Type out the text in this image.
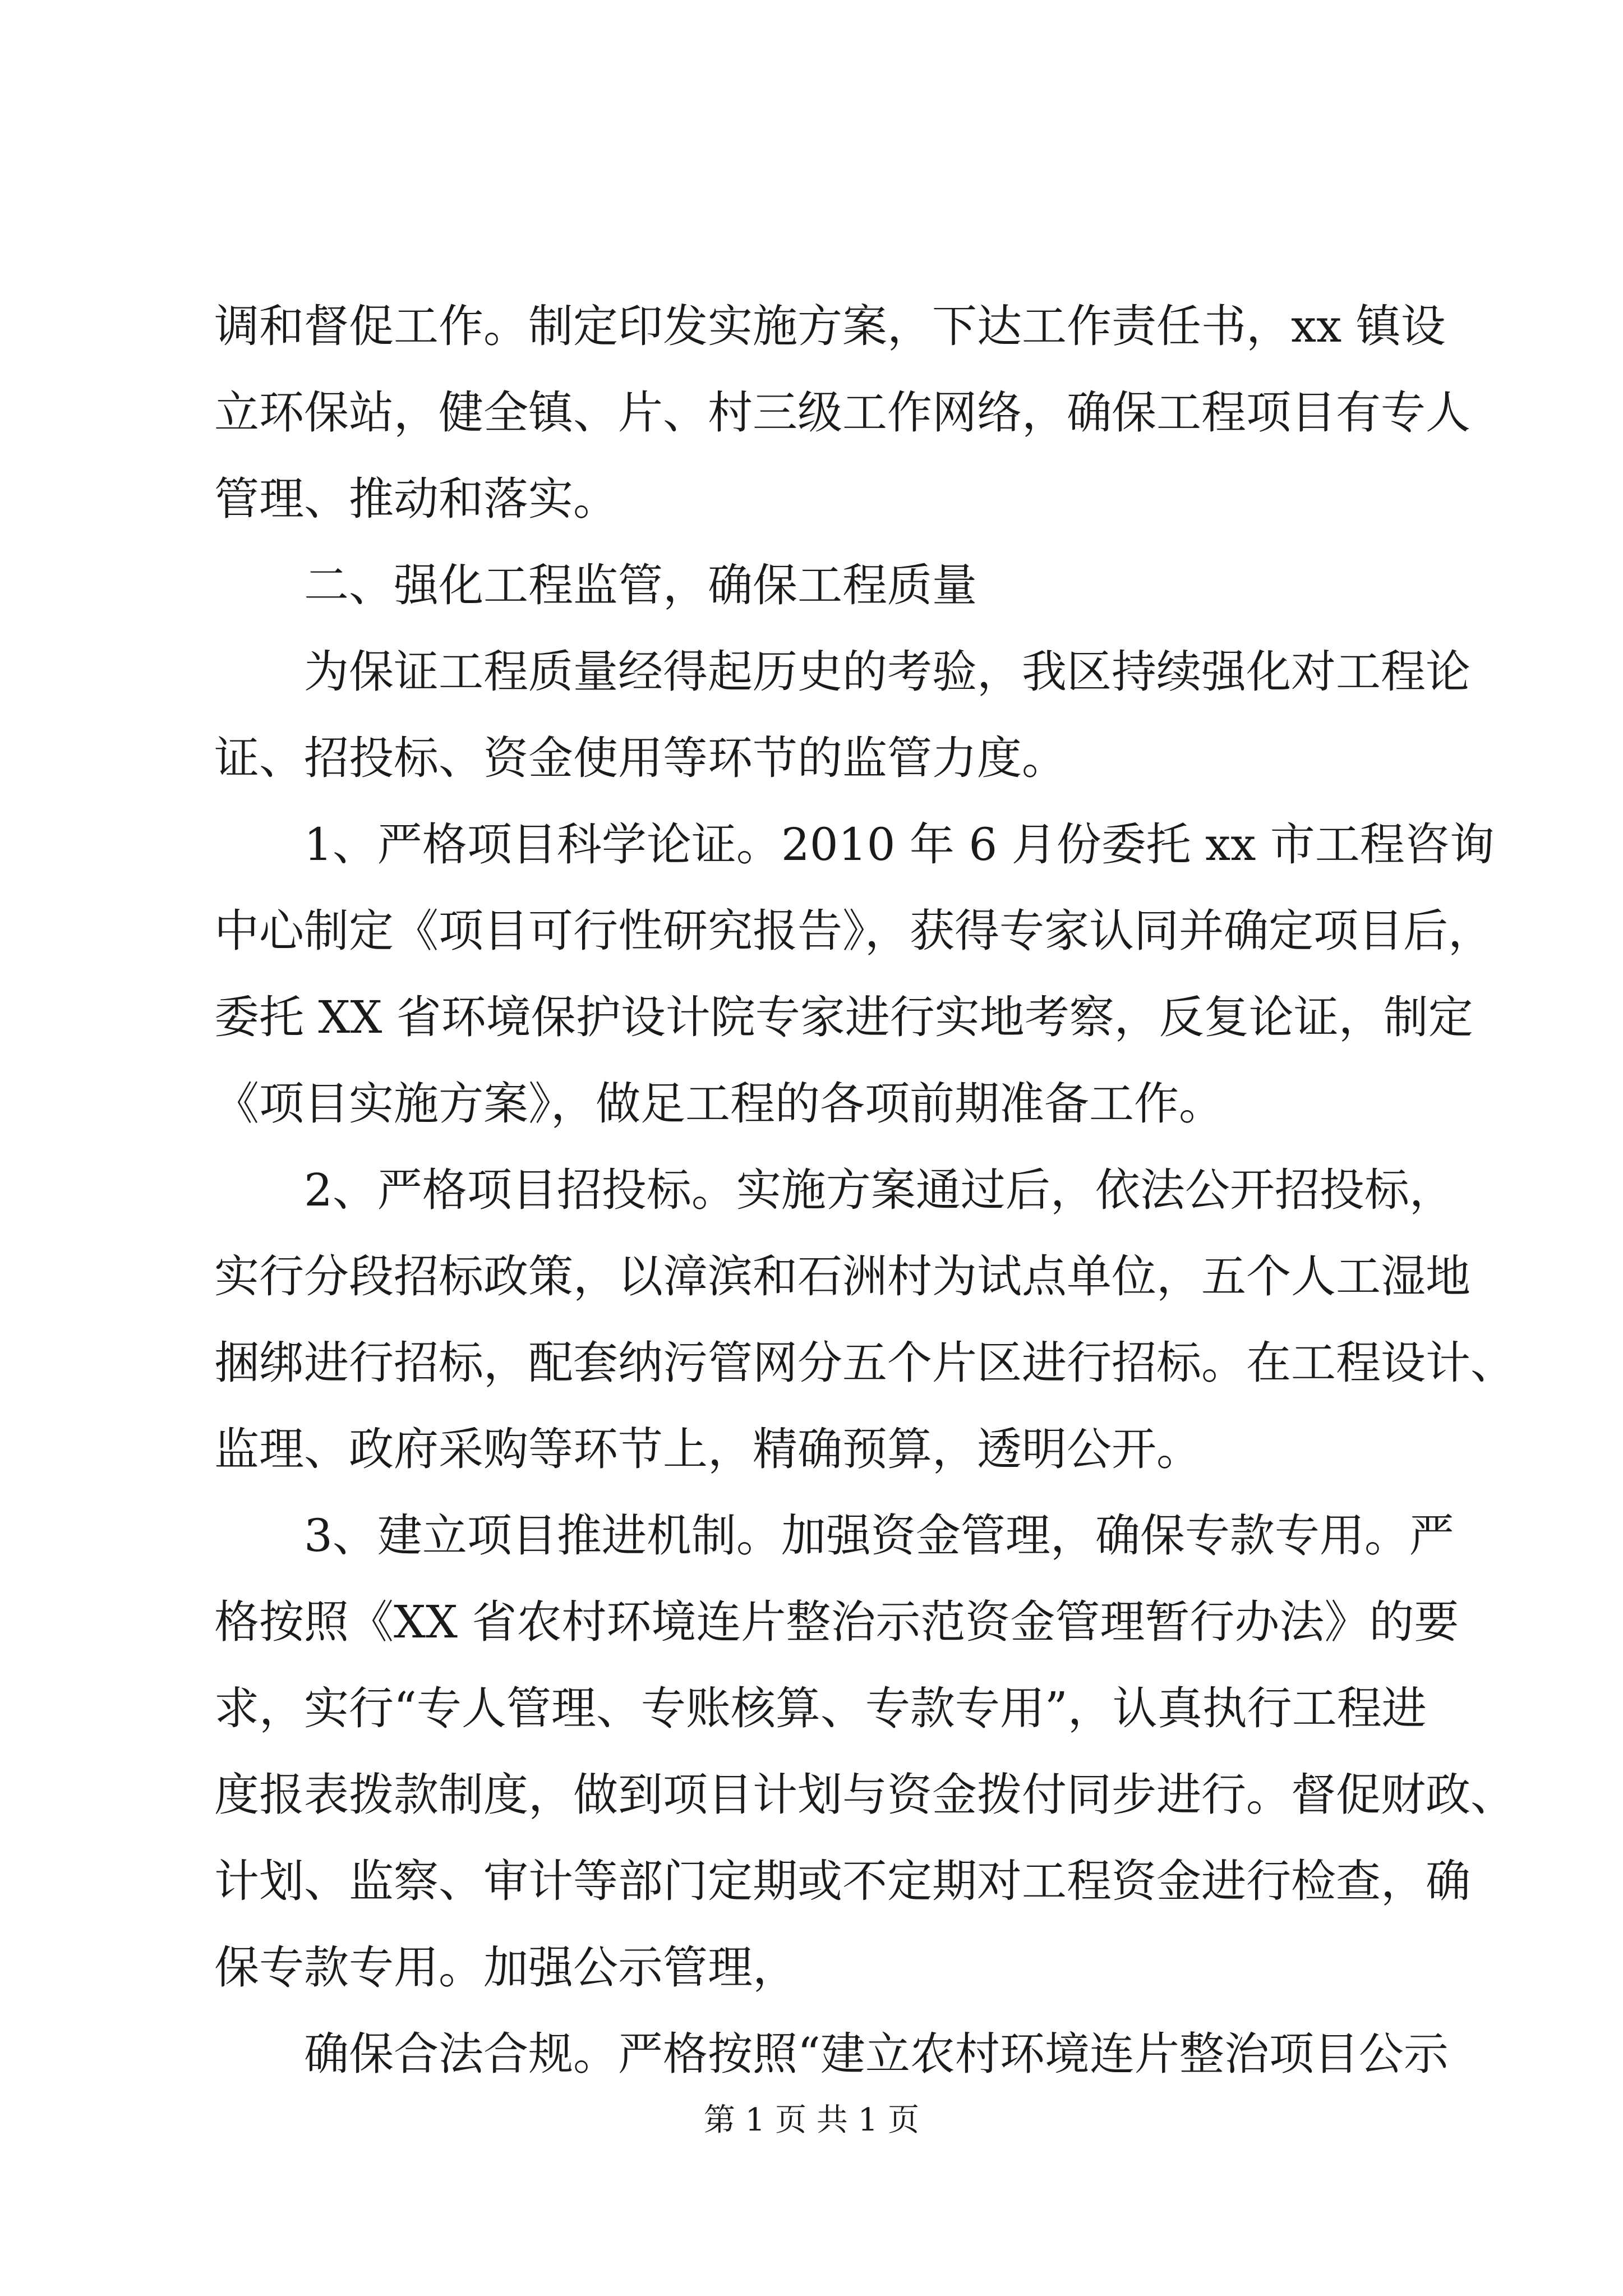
调和督促工作。制定印发实施方案，下达工作责任书，xx 镇设
立环保站，健全镇、片、村三级工作网络，确保工程项目有专人
管理、推动和落实。
二、强化工程监管，确保工程质量
为保证工程质量经得起历史的考验，我区持续强化对工程论
证、招投标、资金使用等环节的监管力度。
1、严格项目科学论证。2010 年 6 月份委托 xx 市工程咨询
中心制定《项目可行性研究报告》，获得专家认同并确定项目后，
委托 XX 省环境保护设计院专家进行实地考察，反复论证，制定
《项目实施方案》，做足工程的各项前期准备工作。
2、严格项目招投标。实施方案通过后，依法公开招投标，
实行分段招标政策，以漳滨和石洲村为试点单位，五个人工湿地
捆绑进行招标，配套纳污管网分五个片区进行招标。在工程设计、
监理、政府采购等环节上，精确预算，透明公开。
3、建立项目推进机制。加强资金管理，确保专款专用。严
格按照《XX 省农村环境连片整治示范资金管理暂行办法》的要
求，实行“专人管理、专账核算、专款专用”，认真执行工程进
度报表拨款制度，做到项目计划与资金拨付同步进行。督促财政、
计划、监察、审计等部门定期或不定期对工程资金进行检查，确
保专款专用。加强公示管理，
确保合法合规。严格按照“建立农村环境连片整治项目公示
第 1 页 共 1 页
